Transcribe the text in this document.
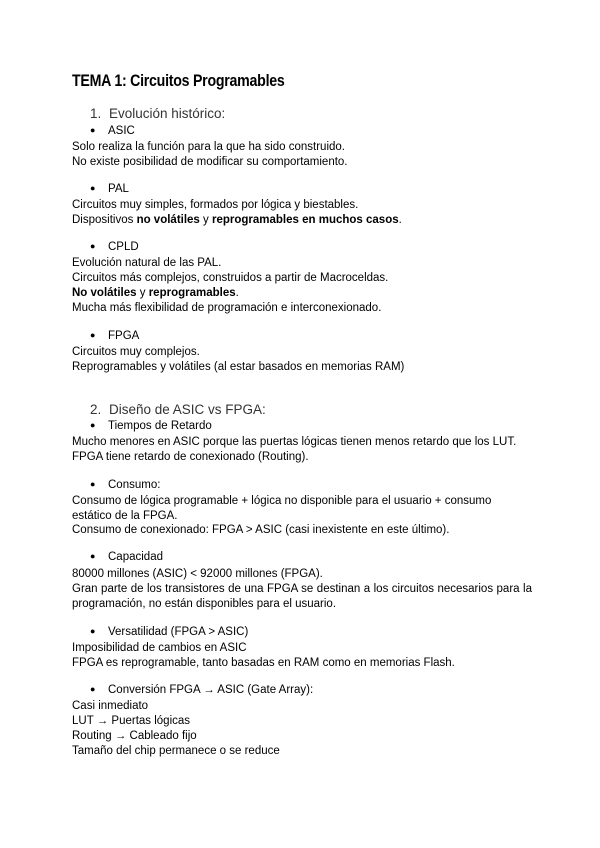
TEMA 1: Circuitos Programables
1. Evolución histórico:
● ASIC
Solo realiza la función para la que ha sido construido.
No existe posibilidad de modificar su comportamiento.
● PAL
Circuitos muy simples, formados por lógica y biestables.
Dispositivos no volátiles y reprogramables en muchos casos.
● CPLD
Evolución natural de las PAL.
Circuitos más complejos, construidos a partir de Macroceldas.
No volátiles y reprogramables.
Mucha más flexibilidad de programación e interconexionado.
● FPGA
Circuitos muy complejos.
Reprogramables y volátiles (al estar basados en memorias RAM)
2. Diseño de ASIC vs FPGA:
● Tiempos de Retardo
Mucho menores en ASIC porque las puertas lógicas tienen menos retardo que los LUT.
FPGA tiene retardo de conexionado (Routing).
● Consumo:
Consumo de lógica programable + lógica no disponible para el usuario + consumo estático de la FPGA.
Consumo de conexionado: FPGA > ASIC (casi inexistente en este último).
● Capacidad
80000 millones (ASIC) < 92000 millones (FPGA).
Gran parte de los transistores de una FPGA se destinan a los circuitos necesarios para la programación, no están disponibles para el usuario.
● Versatilidad (FPGA > ASIC)
Imposibilidad de cambios en ASIC
FPGA es reprogramable, tanto basadas en RAM como en memorias Flash.
● Conversión FPGA → ASIC (Gate Array):
Casi inmediato
LUT → Puertas lógicas
Routing → Cableado fijo
Tamaño del chip permanece o se reduce
